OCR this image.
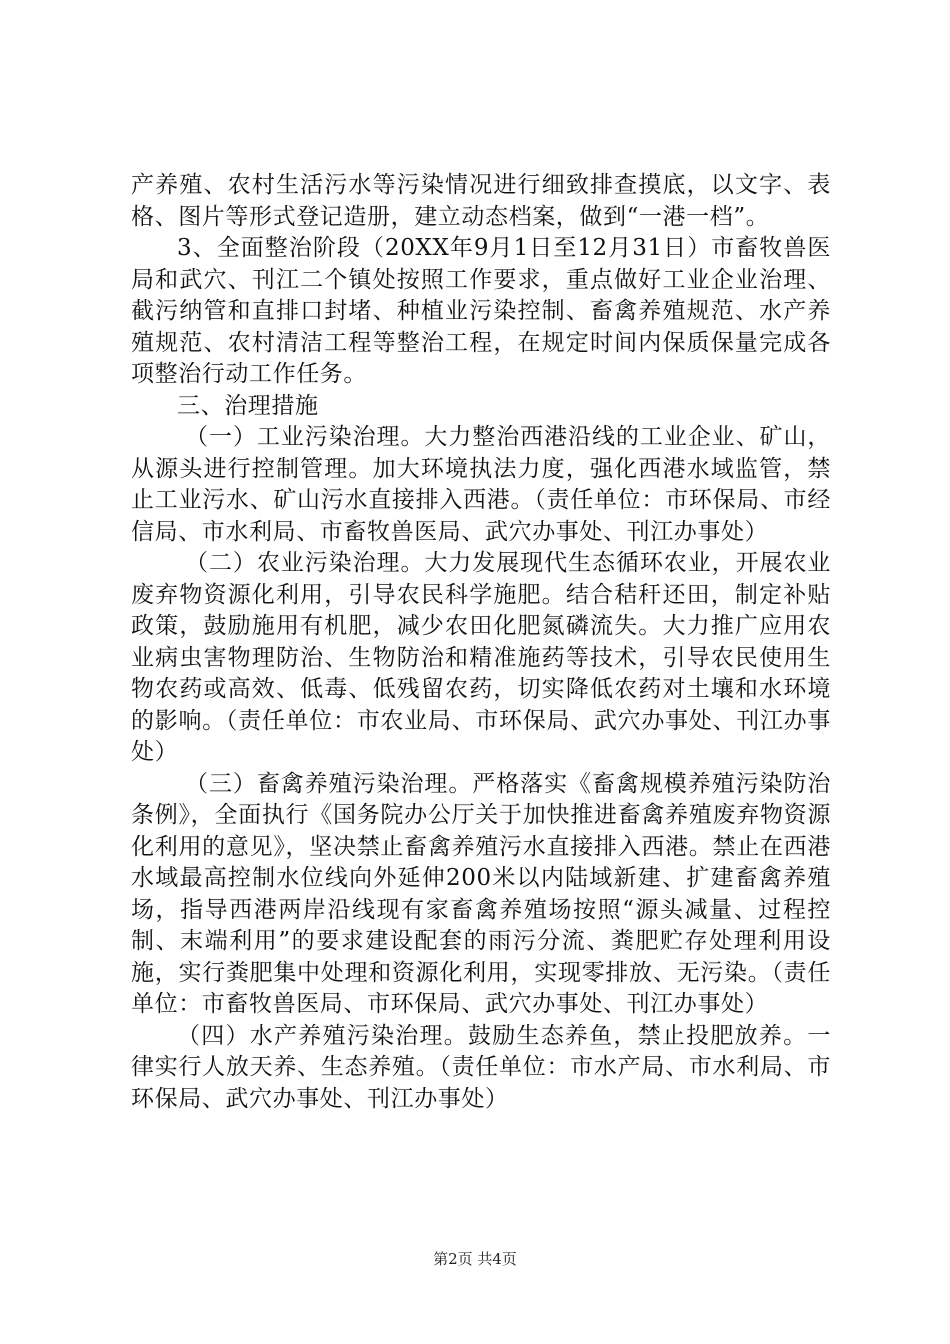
产养殖、农村生活污水等污染情况进行细致排查摸底，以文字、表格、图片等形式登记造册，建立动态档案，做到“一港一档”。

3、全面整治阶段（20XX年9月1日至12月31日）市畜牧兽医局和武穴、刊江二个镇处按照工作要求，重点做好工业企业治理、截污纳管和直排口封堵、种植业污染控制、畜禽养殖规范、水产养殖规范、农村清洁工程等整治工程，在规定时间内保质保量完成各项整治行动工作任务。

三、治理措施

（一）工业污染治理。大力整治西港沿线的工业企业、矿山，从源头进行控制管理。加大环境执法力度，强化西港水域监管，禁止工业污水、矿山污水直接排入西港。（责任单位：市环保局、市经信局、市水利局、市畜牧兽医局、武穴办事处、刊江办事处）

（二）农业污染治理。大力发展现代生态循环农业，开展农业废弃物资源化利用，引导农民科学施肥。结合秸秆还田，制定补贴政策，鼓励施用有机肥，减少农田化肥氮磷流失。大力推广应用农业病虫害物理防治、生物防治和精准施药等技术，引导农民使用生物农药或高效、低毒、低残留农药，切实降低农药对土壤和水环境的影响。（责任单位：市农业局、市环保局、武穴办事处、刊江办事处）

（三）畜禽养殖污染治理。严格落实《畜禽规模养殖污染防治条例》，全面执行《国务院办公厅关于加快推进畜禽养殖废弃物资源化利用的意见》，坚决禁止畜禽养殖污水直接排入西港。禁止在西港水域最高控制水位线向外延伸200米以内陆域新建、扩建畜禽养殖场，指导西港两岸沿线现有家畜禽养殖场按照“源头减量、过程控制、末端利用”的要求建设配套的雨污分流、粪肥贮存处理利用设施，实行粪肥集中处理和资源化利用，实现零排放、无污染。（责任单位：市畜牧兽医局、市环保局、武穴办事处、刊江办事处）

（四）水产养殖污染治理。鼓励生态养鱼，禁止投肥放养。一律实行人放天养、生态养殖。（责任单位：市水产局、市水利局、市环保局、武穴办事处、刊江办事处）

第2页 共4页
